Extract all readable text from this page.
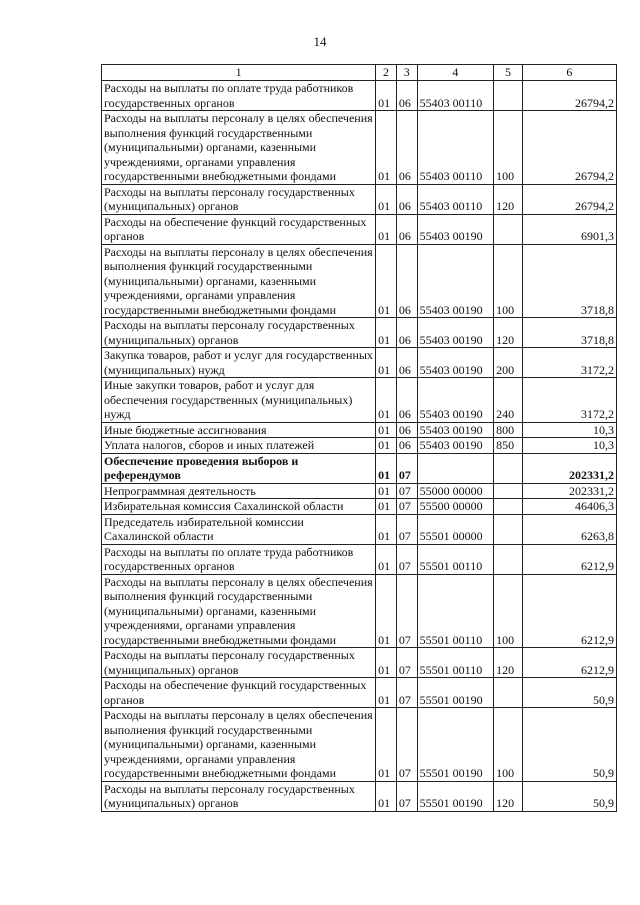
14
1	2	3	4	5	6
Расходы на выплаты по оплате труда работников государственных органов	01	06	55403 00110		26794,2
Расходы на выплаты персоналу в целях обеспечения выполнения функций государственными (муниципальными) органами, казенными учреждениями, органами управления государственными внебюджетными фондами	01	06	55403 00110	100	26794,2
Расходы на выплаты персоналу государственных (муниципальных) органов	01	06	55403 00110	120	26794,2
Расходы на обеспечение функций государственных органов	01	06	55403 00190		6901,3
Расходы на выплаты персоналу в целях обеспечения выполнения функций государственными (муниципальными) органами, казенными учреждениями, органами управления государственными внебюджетными фондами	01	06	55403 00190	100	3718,8
Расходы на выплаты персоналу государственных (муниципальных) органов	01	06	55403 00190	120	3718,8
Закупка товаров, работ и услуг для государственных (муниципальных) нужд	01	06	55403 00190	200	3172,2
Иные закупки товаров, работ и услуг для обеспечения государственных (муниципальных) нужд	01	06	55403 00190	240	3172,2
Иные бюджетные ассигнования	01	06	55403 00190	800	10,3
Уплата налогов, сборов и иных платежей	01	06	55403 00190	850	10,3
Обеспечение проведения выборов и референдумов	01	07			202331,2
Непрограммная деятельность	01	07	55000 00000		202331,2
Избирательная комиссия Сахалинской области	01	07	55500 00000		46406,3
Председатель избирательной комиссии Сахалинской области	01	07	55501 00000		6263,8
Расходы на выплаты по оплате труда работников государственных органов	01	07	55501 00110		6212,9
Расходы на выплаты персоналу в целях обеспечения выполнения функций государственными (муниципальными) органами, казенными учреждениями, органами управления государственными внебюджетными фондами	01	07	55501 00110	100	6212,9
Расходы на выплаты персоналу государственных (муниципальных) органов	01	07	55501 00110	120	6212,9
Расходы на обеспечение функций государственных органов	01	07	55501 00190		50,9
Расходы на выплаты персоналу в целях обеспечения выполнения функций государственными (муниципальными) органами, казенными учреждениями, органами управления государственными внебюджетными фондами	01	07	55501 00190	100	50,9
Расходы на выплаты персоналу государственных (муниципальных) органов	01	07	55501 00190	120	50,9
